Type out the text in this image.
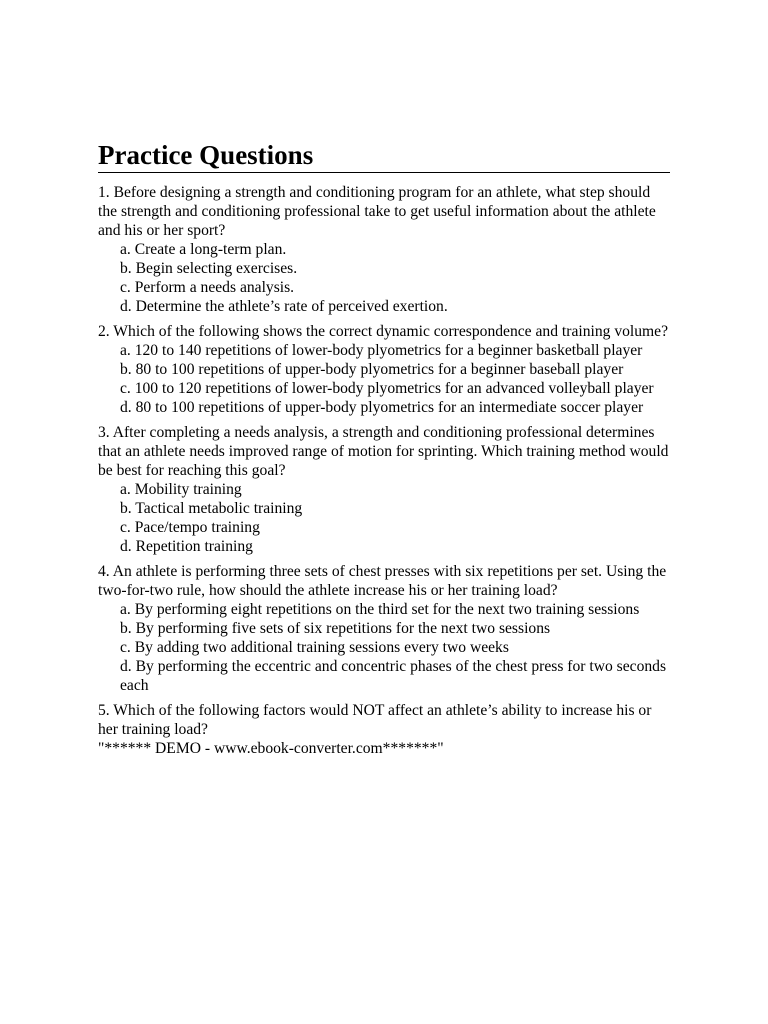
Practice Questions
1. Before designing a strength and conditioning program for an athlete, what step should the strength and conditioning professional take to get useful information about the athlete and his or her sport?
a. Create a long-term plan.
b. Begin selecting exercises.
c. Perform a needs analysis.
d. Determine the athlete’s rate of perceived exertion.
2. Which of the following shows the correct dynamic correspondence and training volume?
a. 120 to 140 repetitions of lower-body plyometrics for a beginner basketball player
b. 80 to 100 repetitions of upper-body plyometrics for a beginner baseball player
c. 100 to 120 repetitions of lower-body plyometrics for an advanced volleyball player
d. 80 to 100 repetitions of upper-body plyometrics for an intermediate soccer player
3. After completing a needs analysis, a strength and conditioning professional determines that an athlete needs improved range of motion for sprinting. Which training method would be best for reaching this goal?
a. Mobility training
b. Tactical metabolic training
c. Pace/tempo training
d. Repetition training
4. An athlete is performing three sets of chest presses with six repetitions per set. Using the two-for-two rule, how should the athlete increase his or her training load?
a. By performing eight repetitions on the third set for the next two training sessions
b. By performing five sets of six repetitions for the next two sessions
c. By adding two additional training sessions every two weeks
d. By performing the eccentric and concentric phases of the chest press for two seconds each
5. Which of the following factors would NOT affect an athlete’s ability to increase his or her training load?
"****** DEMO - www.ebook-converter.com*******"
